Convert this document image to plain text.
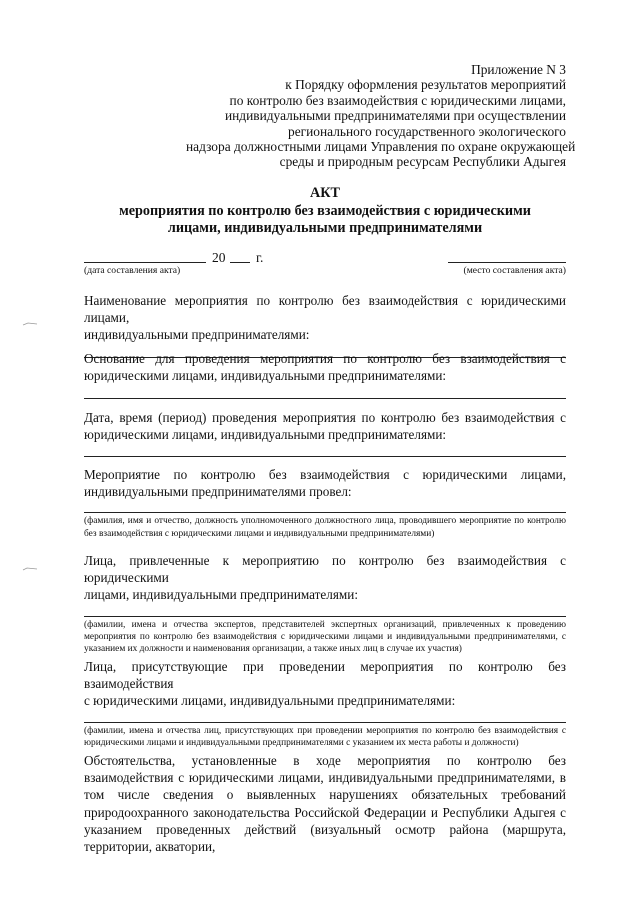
Приложение N 3
к Порядку оформления результатов мероприятий
по контролю без взаимодействия с юридическими лицами,
индивидуальными предпринимателями при осуществлении
регионального государственного экологического
надзора должностными лицами Управления по охране окружающей
среды и природным ресурсам Республики Адыгея
АКТ
мероприятия по контролю без взаимодействия с юридическими
лицами, индивидуальными предпринимателями
20 г.
(дата составления акта)	(место составления акта)

Наименование мероприятия по контролю без взаимодействия с юридическими лицами,

индивидуальными предпринимателями:

Основание для проведения мероприятия по контролю без взаимодействия с

юридическими лицами, индивидуальными предпринимателями:

Дата, время (период) проведения мероприятия по контролю без взаимодействия с

юридическими лицами, индивидуальными предпринимателями:

Мероприятие по контролю без взаимодействия с юридическими лицами,

индивидуальными предпринимателями провел:

(фамилия, имя и отчество, должность уполномоченного должностного лица, проводившего мероприятие по контролю без взаимодействия с юридическими лицами и индивидуальными предпринимателями)

Лица, привлеченные к мероприятию по контролю без взаимодействия с юридическими

лицами, индивидуальными предпринимателями:

(фамилии, имена и отчества экспертов, представителей экспертных организаций, привлеченных к проведению мероприятия по контролю без взаимодействия с юридическими лицами и индивидуальными предпринимателями, с указанием их должности и наименования организации, а также иных лиц в случае их участия)

Лица, присутствующие при проведении мероприятия по контролю без взаимодействия

с юридическими лицами, индивидуальными предпринимателями:

(фамилии, имена и отчества лиц, присутствующих при проведении мероприятия по контролю без взаимодействия с юридическими лицами и индивидуальными предпринимателями с указанием их места работы и должности)

Обстоятельства, установленные в ходе мероприятия по контролю без взаимодействия с юридическими лицами, индивидуальными предпринимателями, в том числе сведения о выявленных нарушениях обязательных требований природоохранного законодательства Российской Федерации и Республики Адыгея с указанием проведенных действий (визуальный осмотр района (маршрута, территории, акватории,
